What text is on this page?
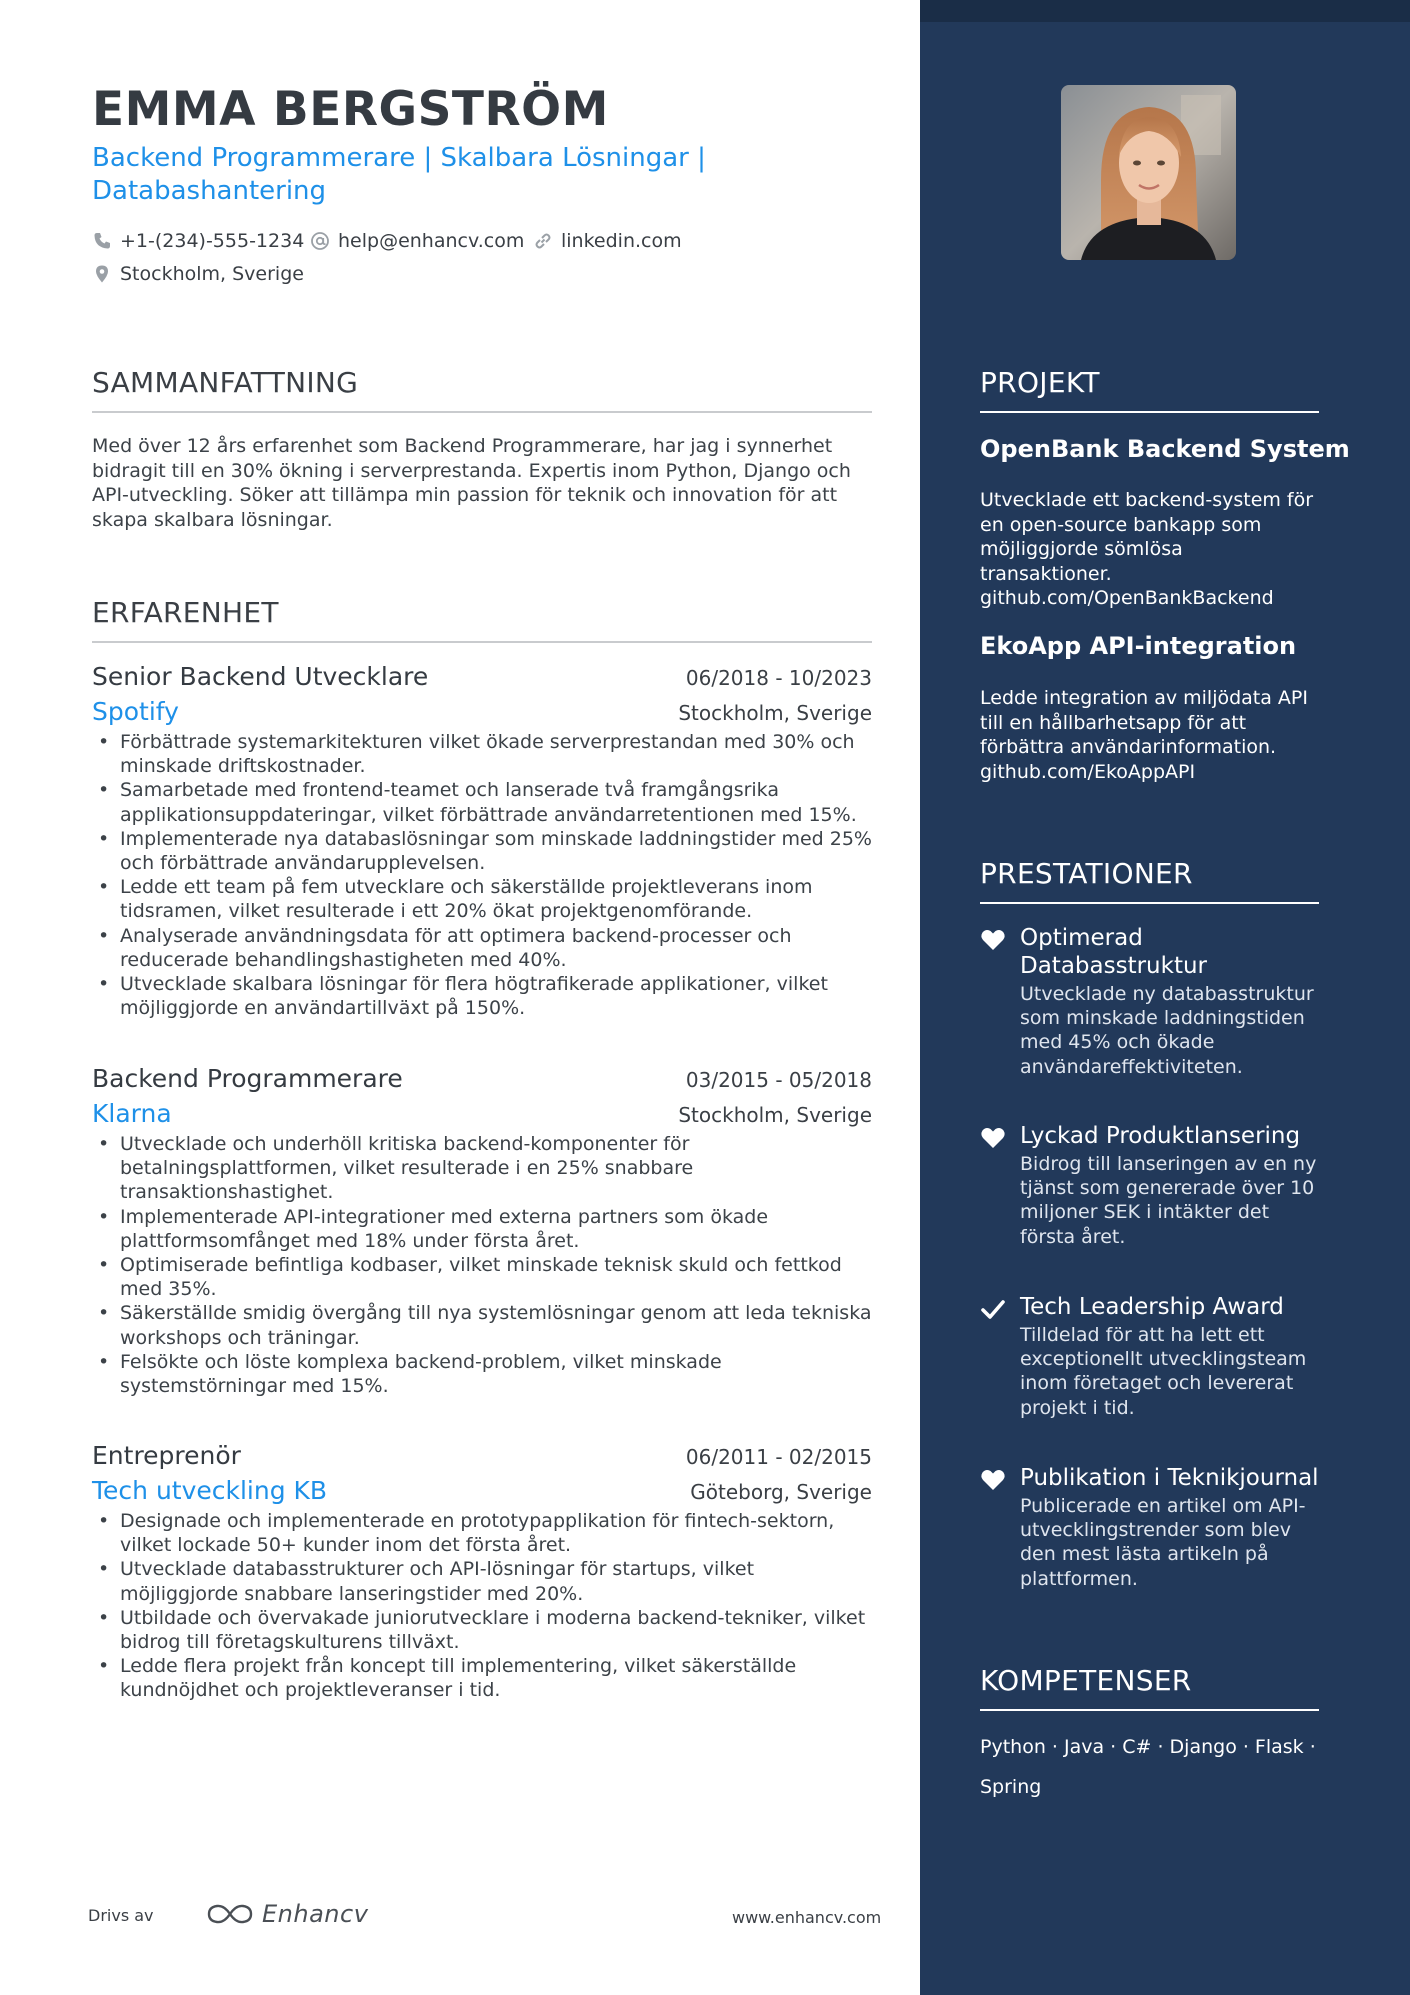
EMMA BERGSTRÖM
Backend Programmerare | Skalbara Lösningar | Databashantering
+1-(234)-555-1234 help@enhancv.com linkedin.com
Stockholm, Sverige
SAMMANFATTNING
Med över 12 års erfarenhet som Backend Programmerare, har jag i synnerhet bidragit till en 30% ökning i serverprestanda. Expertis inom Python, Django och API-utveckling. Söker att tillämpa min passion för teknik och innovation för att skapa skalbara lösningar.
ERFARENHET
Senior Backend Utvecklare	06/2018 - 10/2023
Spotify	Stockholm, Sverige
• Förbättrade systemarkitekturen vilket ökade serverprestandan med 30% och minskade driftskostnader.
• Samarbetade med frontend-teamet och lanserade två framgångsrika applikationsuppdateringar, vilket förbättrade användarretentionen med 15%.
• Implementerade nya databaslösningar som minskade laddningstider med 25% och förbättrade användarupplevelsen.
• Ledde ett team på fem utvecklare och säkerställde projektleverans inom tidsramen, vilket resulterade i ett 20% ökat projektgenomförande.
• Analyserade användningsdata för att optimera backend-processer och reducerade behandlingshastigheten med 40%.
• Utvecklade skalbara lösningar för flera högtrafikerade applikationer, vilket möjliggjorde en användartillväxt på 150%.
Backend Programmerare	03/2015 - 05/2018
Klarna	Stockholm, Sverige
• Utvecklade och underhöll kritiska backend-komponenter för betalningsplattformen, vilket resulterade i en 25% snabbare transaktionshastighet.
• Implementerade API-integrationer med externa partners som ökade plattformsomfånget med 18% under första året.
• Optimiserade befintliga kodbaser, vilket minskade teknisk skuld och fettkod med 35%.
• Säkerställde smidig övergång till nya systemlösningar genom att leda tekniska workshops och träningar.
• Felsökte och löste komplexa backend-problem, vilket minskade systemstörningar med 15%.
Entreprenör	06/2011 - 02/2015
Tech utveckling KB	Göteborg, Sverige
• Designade och implementerade en prototypapplikation för fintech-sektorn, vilket lockade 50+ kunder inom det första året.
• Utvecklade databasstrukturer och API-lösningar för startups, vilket möjliggjorde snabbare lanseringstider med 20%.
• Utbildade och övervakade juniorutvecklare i moderna backend-tekniker, vilket bidrog till företagskulturens tillväxt.
• Ledde flera projekt från koncept till implementering, vilket säkerställde kundnöjdhet och projektleveranser i tid.
Drivs av	Enhancv	www.enhancv.com
PROJEKT
OpenBank Backend System
Utvecklade ett backend-system för en open-source bankapp som möjliggjorde sömlösa transaktioner.
github.com/OpenBankBackend
EkoApp API-integration
Ledde integration av miljödata API till en hållbarhetsapp för att förbättra användarinformation.
github.com/EkoAppAPI
PRESTATIONER
Optimerad Databasstruktur
Utvecklade ny databasstruktur som minskade laddningstiden med 45% och ökade användareffektiviteten.
Lyckad Produktlansering
Bidrog till lanseringen av en ny tjänst som genererade över 10 miljoner SEK i intäkter det första året.
Tech Leadership Award
Tilldelad för att ha lett ett exceptionellt utvecklingsteam inom företaget och levererat projekt i tid.
Publikation i Teknikjournal
Publicerade en artikel om API-utvecklingstrender som blev den mest lästa artikeln på plattformen.
KOMPETENSER
Python · Java · C# · Django · Flask · Spring
